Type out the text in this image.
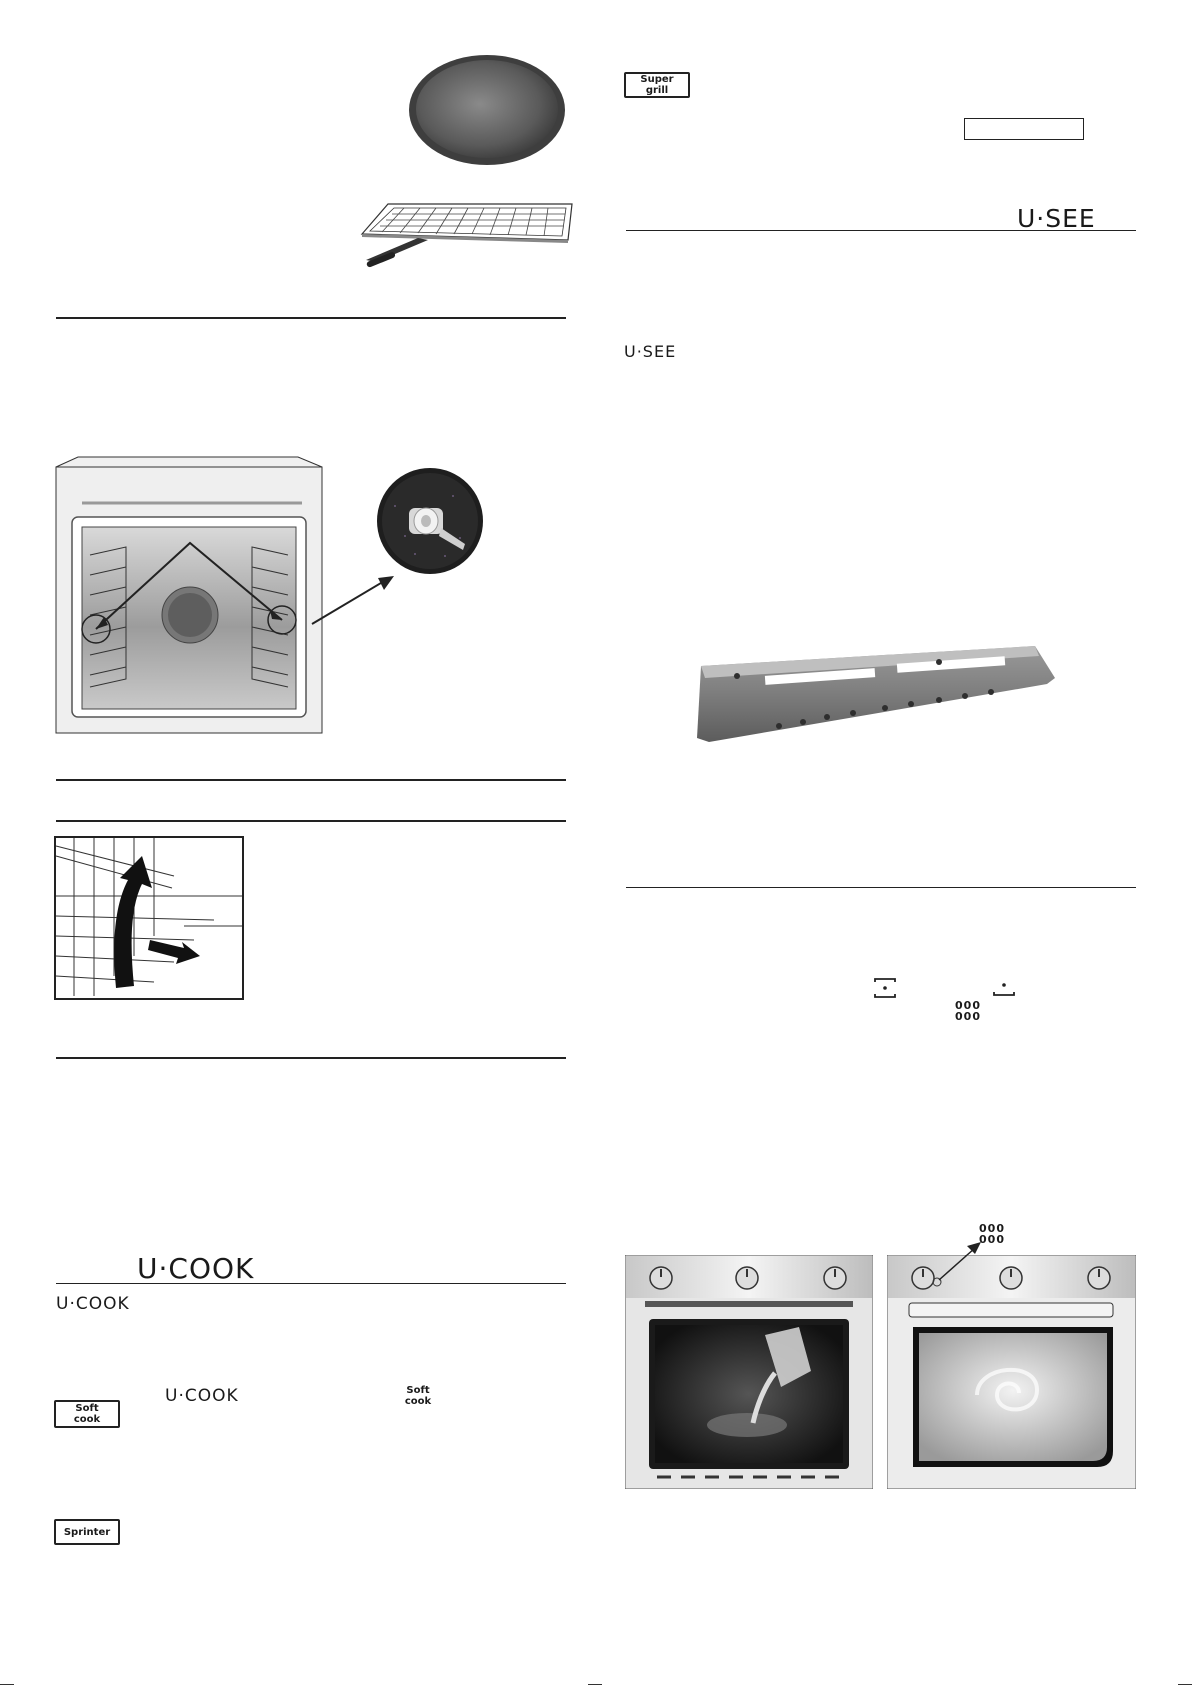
U·COOK
U·COOK
U·COOK	Soft
cook
Soft
cook
Sprinter
Super
grill
U·SEE
U·SEE
000
000
000
000
